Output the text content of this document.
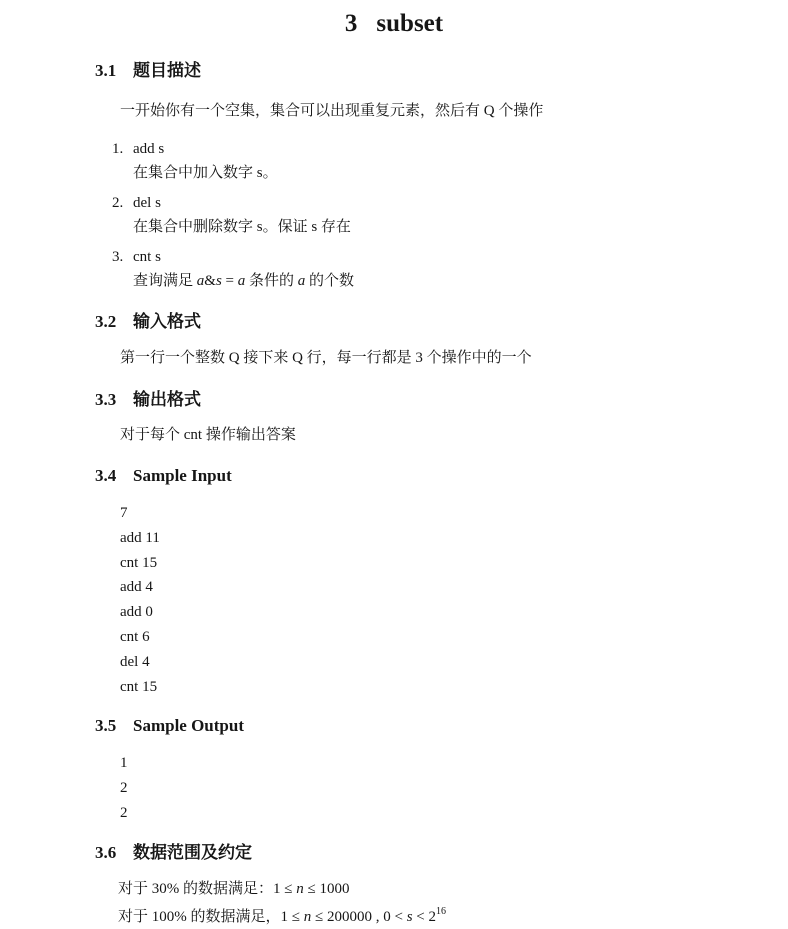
3 subset
3.1 题目描述
一开始你有一个空集，集合可以出现重复元素，然后有 Q 个操作
1. add s
在集合中加入数字 s。
2. del s
在集合中删除数字 s。保证 s 存在
3. cnt s
查询满足 a&s = a 条件的 a 的个数
3.2 输入格式
第一行一个整数 Q 接下来 Q 行，每一行都是 3 个操作中的一个
3.3 输出格式
对于每个 cnt 操作输出答案
3.4 Sample Input
7
add 11
cnt 15
add 4
add 0
cnt 6
del 4
cnt 15
3.5 Sample Output
1
2
2
3.6 数据范围及约定
对于 30% 的数据满足：1 ≤ n ≤ 1000
对于 100% 的数据满足，1 ≤ n ≤ 200000 , $0 < s < 2^{16}$
